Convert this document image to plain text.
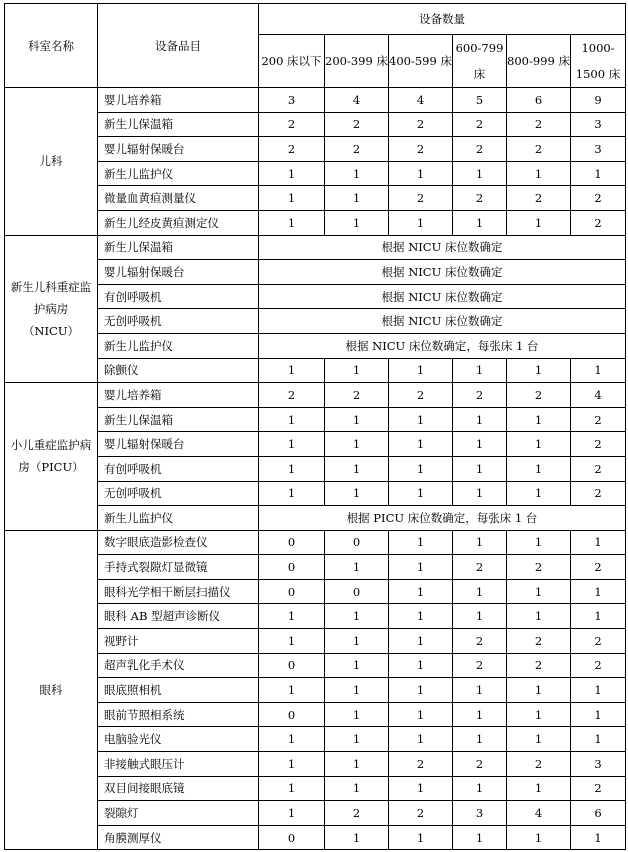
科室名称	设备品目	设备数量					
		200 床以下	200-399 床	400-599 床	600-799 床	800-999 床	1000-1500 床
儿科	婴儿培养箱	3	4	4	5	6	9
	新生儿保温箱	2	2	2	2	2	3
	婴儿辐射保暖台	2	2	2	2	2	3
	新生儿监护仪	1	1	1	1	1	1
	微量血黄疸测量仪	1	1	2	2	2	2
	新生儿经皮黄疸测定仪	1	1	1	1	1	2
新生儿科重症监护病房（NICU）	新生儿保温箱	根据 NICU 床位数确定					
	婴儿辐射保暖台	根据 NICU 床位数确定					
	有创呼吸机	根据 NICU 床位数确定					
	无创呼吸机	根据 NICU 床位数确定					
	新生儿监护仪	根据 NICU 床位数确定，每张床 1 台					
	除颤仪	1	1	1	1	1	1
小儿重症监护病房（PICU）	婴儿培养箱	2	2	2	2	2	4
	新生儿保温箱	1	1	1	1	1	2
	婴儿辐射保暖台	1	1	1	1	1	2
	有创呼吸机	1	1	1	1	1	2
	无创呼吸机	1	1	1	1	1	2
	新生儿监护仪	根据 PICU 床位数确定，每张床 1 台					
眼科	数字眼底造影检查仪	0	0	1	1	1	1
	手持式裂隙灯显微镜	0	1	1	2	2	2
	眼科光学相干断层扫描仪	0	0	1	1	1	1
	眼科 AB 型超声诊断仪	1	1	1	1	1	1
	视野计	1	1	1	2	2	2
	超声乳化手术仪	0	1	1	2	2	2
	眼底照相机	1	1	1	1	1	1
	眼前节照相系统	0	1	1	1	1	1
	电脑验光仪	1	1	1	1	1	1
	非接触式眼压计	1	1	2	2	2	3
	双目间接眼底镜	1	1	1	1	1	2
	裂隙灯	1	2	2	3	4	6
	角膜测厚仪	0	1	1	1	1	1
